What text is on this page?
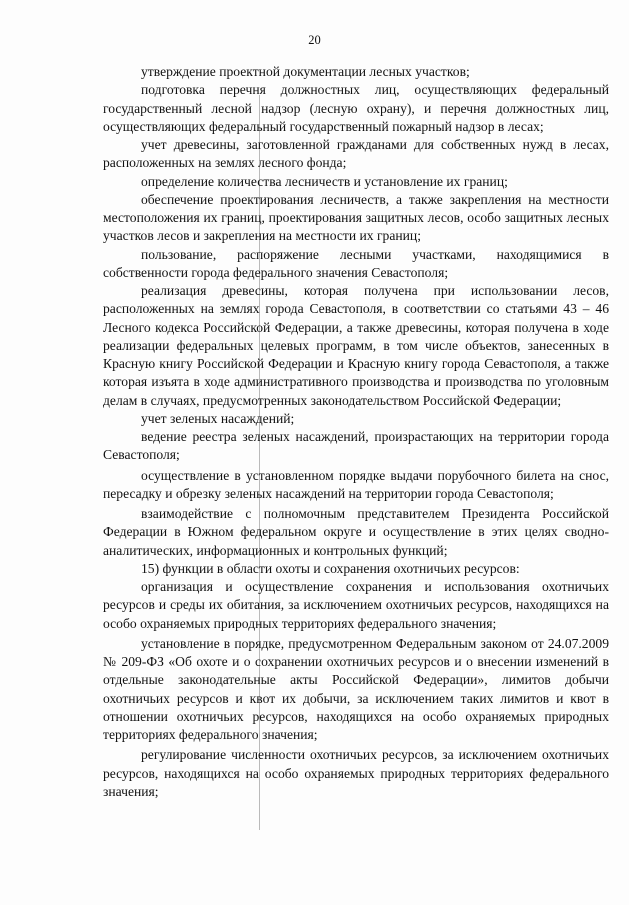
20

утверждение проектной документации лесных участков;

подготовка перечня должностных лиц, осуществляющих федеральный государственный лесной надзор (лесную охрану), и перечня должностных лиц, осуществляющих федеральный государственный пожарный надзор в лесах;

учет древесины, заготовленной гражданами для собственных нужд в лесах, расположенных на землях лесного фонда;

определение количества лесничеств и установление их границ;

обеспечение проектирования лесничеств, а также закрепления на местности местоположения их границ, проектирования защитных лесов, особо защитных лесных участков лесов и закрепления на местности их границ;

пользование, распоряжение лесными участками, находящимися в собственности города федерального значения Севастополя;

реализация древесины, которая получена при использовании лесов, расположенных на землях города Севастополя, в соответствии со статьями 43 – 46 Лесного кодекса Российской Федерации, а также древесины, которая получена в ходе реализации федеральных целевых программ, в том числе объектов, занесенных в Красную книгу Российской Федерации и Красную книгу города Севастополя, а также которая изъята в ходе административного производства и производства по уголовным делам в случаях, предусмотренных законодательством Российской Федерации;

учет зеленых насаждений;

ведение реестра зеленых насаждений, произрастающих на территории города Севастополя;

осуществление в установленном порядке выдачи порубочного билета на снос, пересадку и обрезку зеленых насаждений на территории города Севастополя;

взаимодействие с полномочным представителем Президента Российской Федерации в Южном федеральном округе и осуществление в этих целях сводно-аналитических, информационных и контрольных функций;

15) функции в области охоты и сохранения охотничьих ресурсов:

организация и осуществление сохранения и использования охотничьих ресурсов и среды их обитания, за исключением охотничьих ресурсов, находящихся на особо охраняемых природных территориях федерального значения;

установление в порядке, предусмотренном Федеральным законом от 24.07.2009 № 209-ФЗ «Об охоте и о сохранении охотничьих ресурсов и о внесении изменений в отдельные законодательные акты Российской Федерации», лимитов добычи охотничьих ресурсов и квот их добычи, за исключением таких лимитов и квот в отношении охотничьих ресурсов, находящихся на особо охраняемых природных территориях федерального значения;

регулирование численности охотничьих ресурсов, за исключением охотничьих ресурсов, находящихся на особо охраняемых природных территориях федерального значения;
